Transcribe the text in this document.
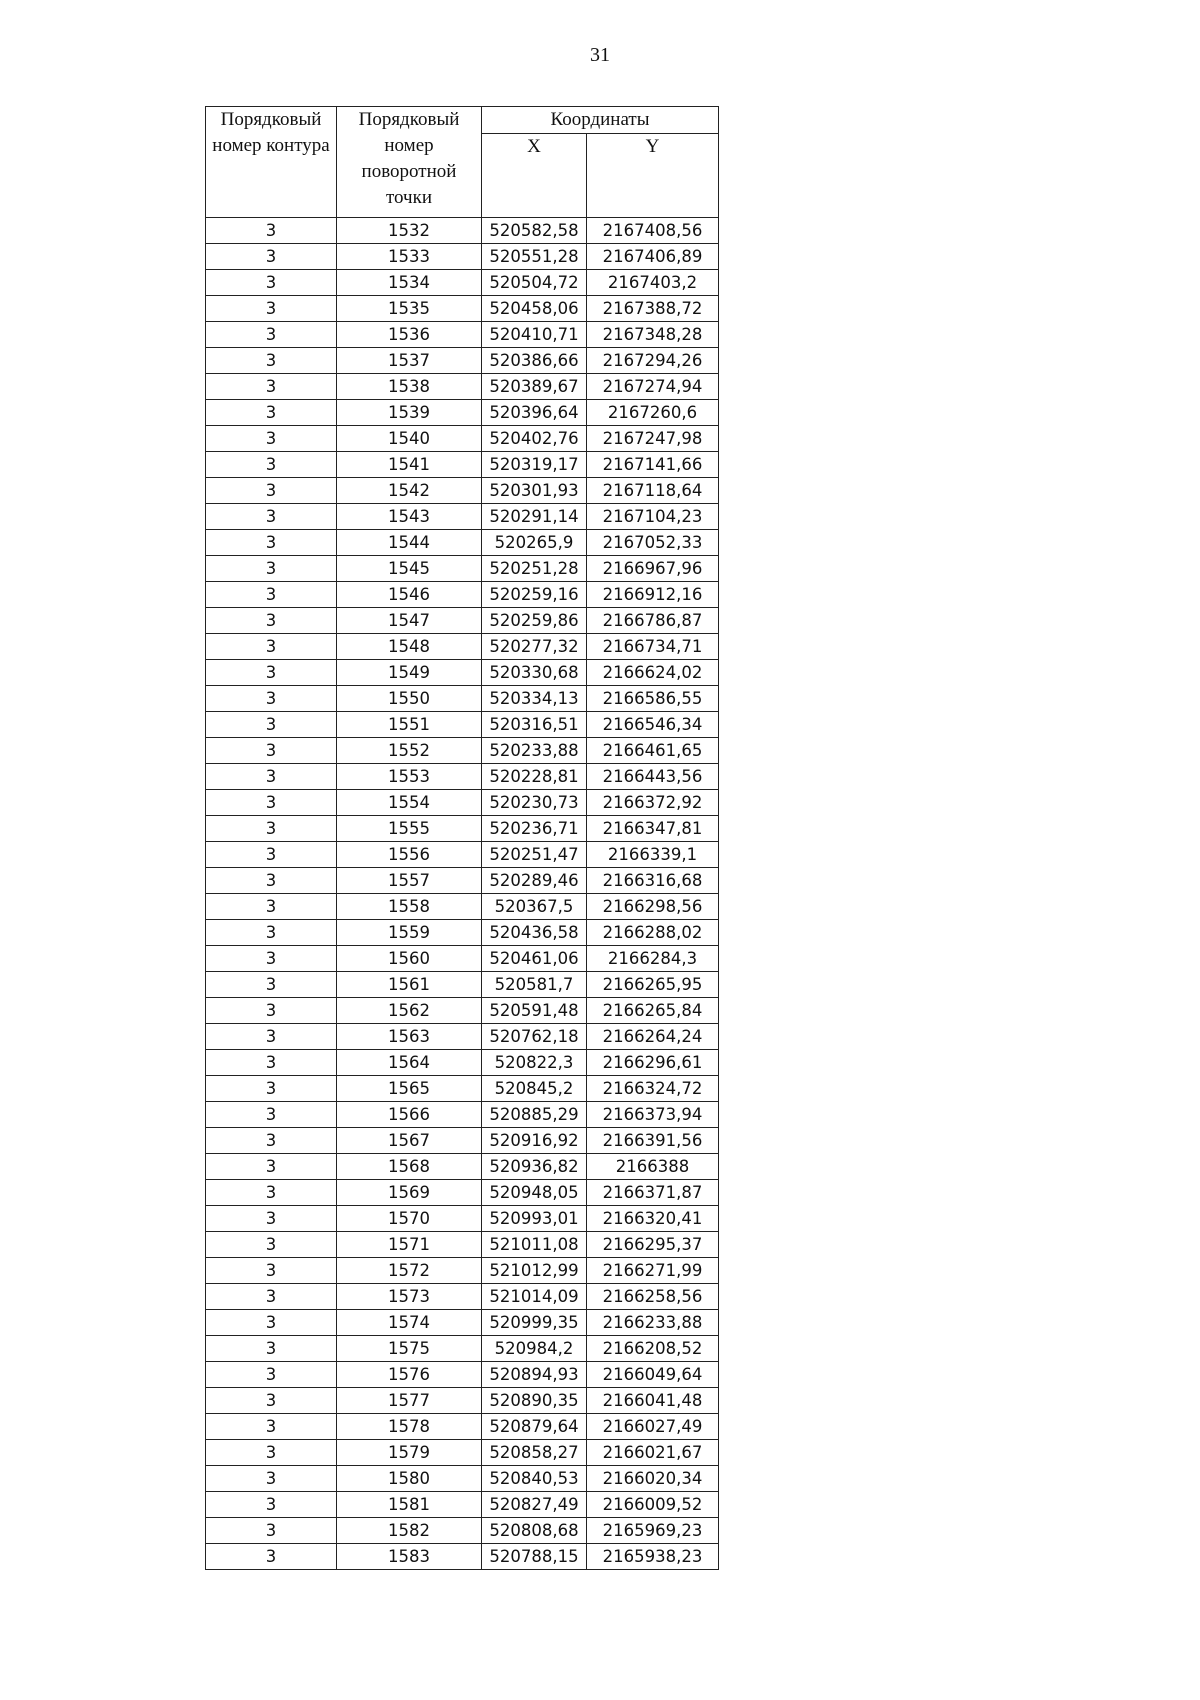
31
Порядковый номер контура	Порядковый номер поворотной точки	Координаты	
		X	Y
3	1532	520582,58	2167408,56
3	1533	520551,28	2167406,89
3	1534	520504,72	2167403,2
3	1535	520458,06	2167388,72
3	1536	520410,71	2167348,28
3	1537	520386,66	2167294,26
3	1538	520389,67	2167274,94
3	1539	520396,64	2167260,6
3	1540	520402,76	2167247,98
3	1541	520319,17	2167141,66
3	1542	520301,93	2167118,64
3	1543	520291,14	2167104,23
3	1544	520265,9	2167052,33
3	1545	520251,28	2166967,96
3	1546	520259,16	2166912,16
3	1547	520259,86	2166786,87
3	1548	520277,32	2166734,71
3	1549	520330,68	2166624,02
3	1550	520334,13	2166586,55
3	1551	520316,51	2166546,34
3	1552	520233,88	2166461,65
3	1553	520228,81	2166443,56
3	1554	520230,73	2166372,92
3	1555	520236,71	2166347,81
3	1556	520251,47	2166339,1
3	1557	520289,46	2166316,68
3	1558	520367,5	2166298,56
3	1559	520436,58	2166288,02
3	1560	520461,06	2166284,3
3	1561	520581,7	2166265,95
3	1562	520591,48	2166265,84
3	1563	520762,18	2166264,24
3	1564	520822,3	2166296,61
3	1565	520845,2	2166324,72
3	1566	520885,29	2166373,94
3	1567	520916,92	2166391,56
3	1568	520936,82	2166388
3	1569	520948,05	2166371,87
3	1570	520993,01	2166320,41
3	1571	521011,08	2166295,37
3	1572	521012,99	2166271,99
3	1573	521014,09	2166258,56
3	1574	520999,35	2166233,88
3	1575	520984,2	2166208,52
3	1576	520894,93	2166049,64
3	1577	520890,35	2166041,48
3	1578	520879,64	2166027,49
3	1579	520858,27	2166021,67
3	1580	520840,53	2166020,34
3	1581	520827,49	2166009,52
3	1582	520808,68	2165969,23
3	1583	520788,15	2165938,23
